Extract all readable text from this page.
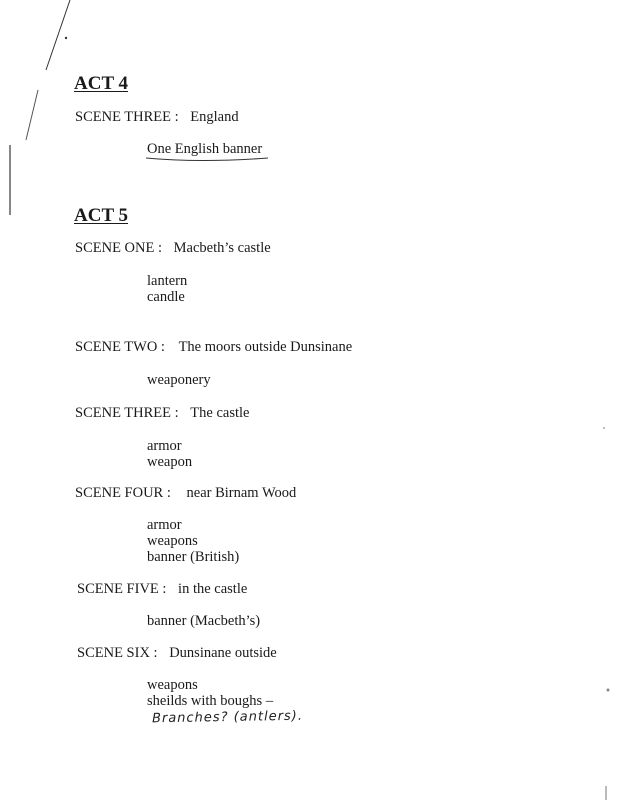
ACT 4
SCENE THREE : England
One English banner
ACT 5
SCENE ONE : Macbeth’s castle
lantern
candle
SCENE TWO : The moors outside Dunsinane
weaponery
SCENE THREE : The castle
armor
weapon
SCENE FOUR : near Birnam Wood
armor
weapons
banner (British)
SCENE FIVE : in the castle
banner (Macbeth’s)
SCENE SIX : Dunsinane outside
weapons
sheilds with boughs –
Branches? (antlers).
